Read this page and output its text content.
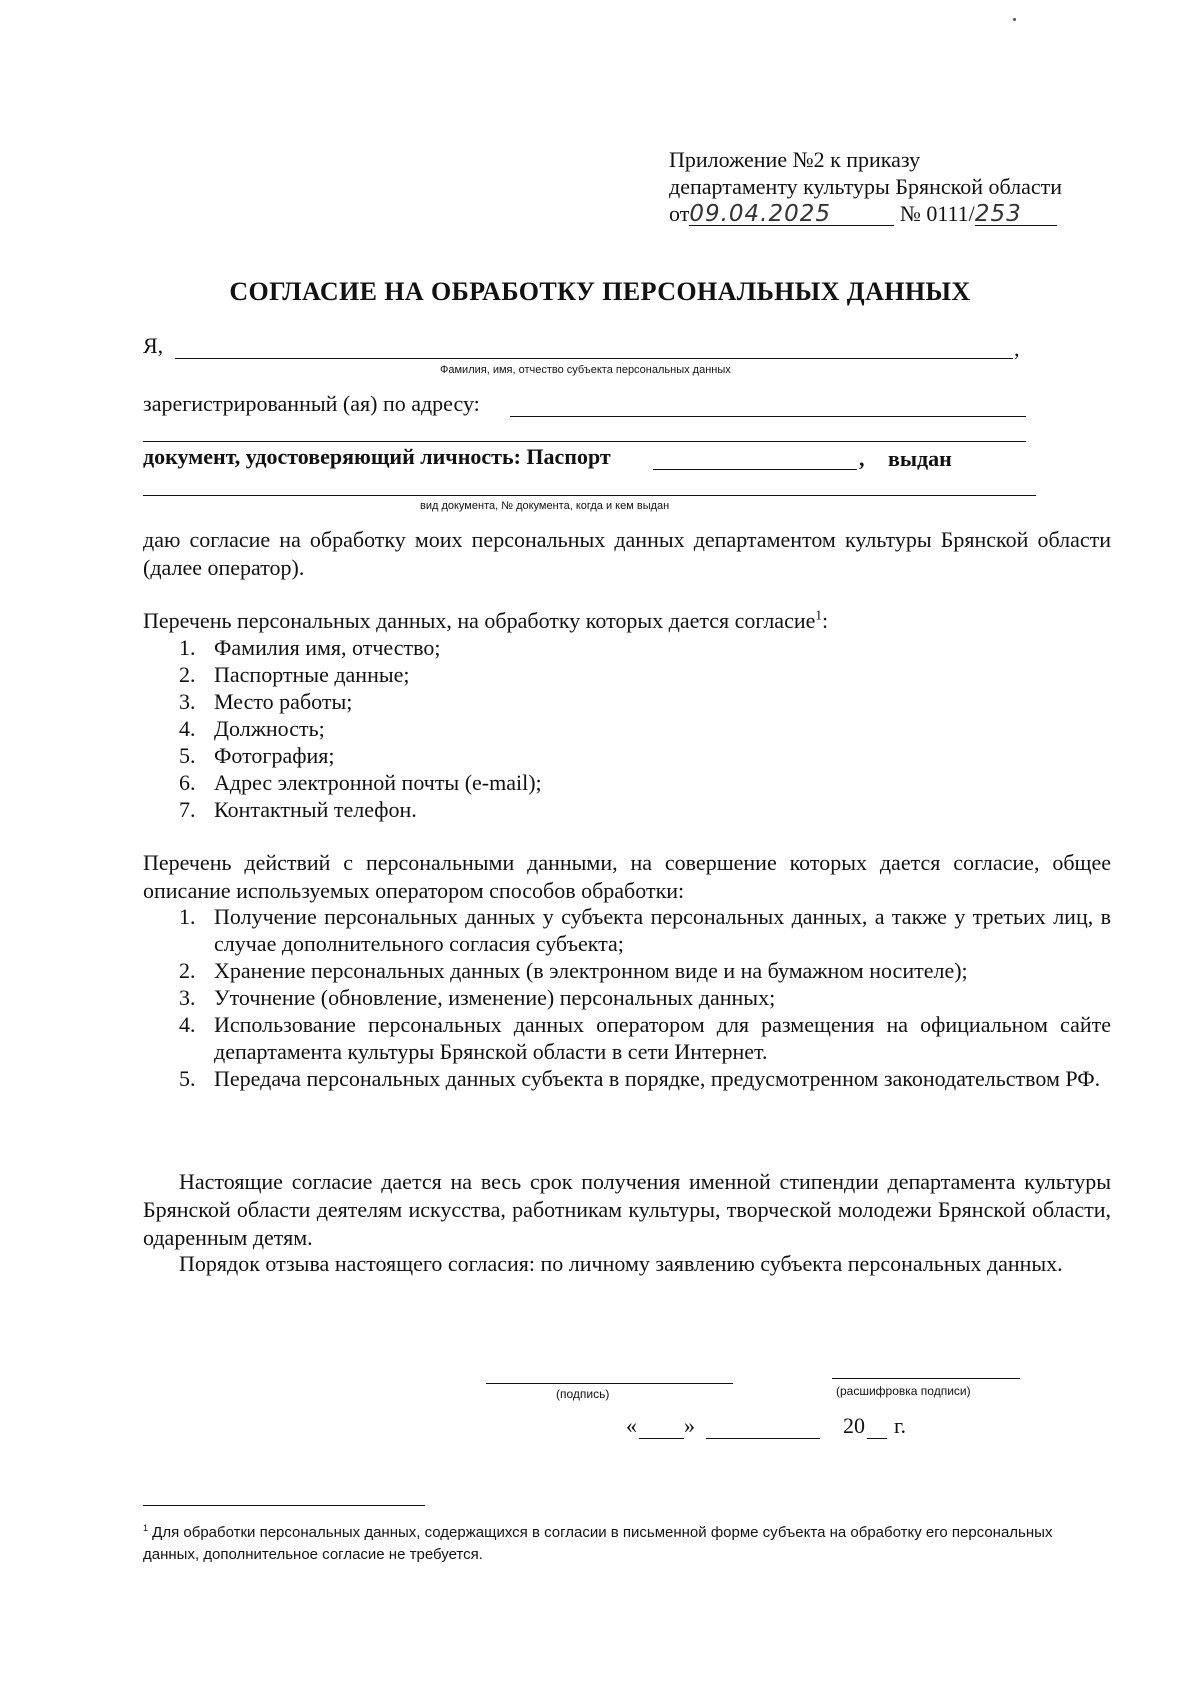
Приложение №2 к приказу
департаменту культуры Брянской области
от09.04.2025	№ 0111/253
СОГЛАСИЕ НА ОБРАБОТКУ ПЕРСОНАЛЬНЫХ ДАННЫХ
Я,	,
Фамилия, имя, отчество субъекта персональных данных
зарегистрированный (ая) по адресу:
документ, удостоверяющий личность: Паспорт	, выдан
вид документа, № документа, когда и кем выдан
даю согласие на обработку моих персональных данных департаментом культуры Брянской области (далее оператор).
Перечень персональных данных, на обработку которых дается согласие$^1$:
1. Фамилия имя, отчество;
2. Паспортные данные;
3. Место работы;
4. Должность;
5. Фотография;
6. Адрес электронной почты (e-mail);
7. Контактный телефон.
Перечень действий с персональными данными, на совершение которых дается согласие, общее описание используемых оператором способов обработки:
1. Получение персональных данных у субъекта персональных данных, а также у третьих лиц, в случае дополнительного согласия субъекта;
2. Хранение персональных данных (в электронном виде и на бумажном носителе);
3. Уточнение (обновление, изменение) персональных данных;
4. Использование персональных данных оператором для размещения на официальном сайте департамента культуры Брянской области в сети Интернет.
5. Передача персональных данных субъекта в порядке, предусмотренном законодательством РФ.
Настоящие согласие дается на весь срок получения именной стипендии департамента культуры Брянской области деятелям искусства, работникам культуры, творческой молодежи Брянской области, одаренным детям.
Порядок отзыва настоящего согласия: по личному заявлению субъекта персональных данных.
(подпись)	(расшифровка подписи)
« »	20 г.
$^1$ Для обработки персональных данных, содержащихся в согласии в письменной форме субъекта на обработку его персональных данных, дополнительное согласие не требуется.
